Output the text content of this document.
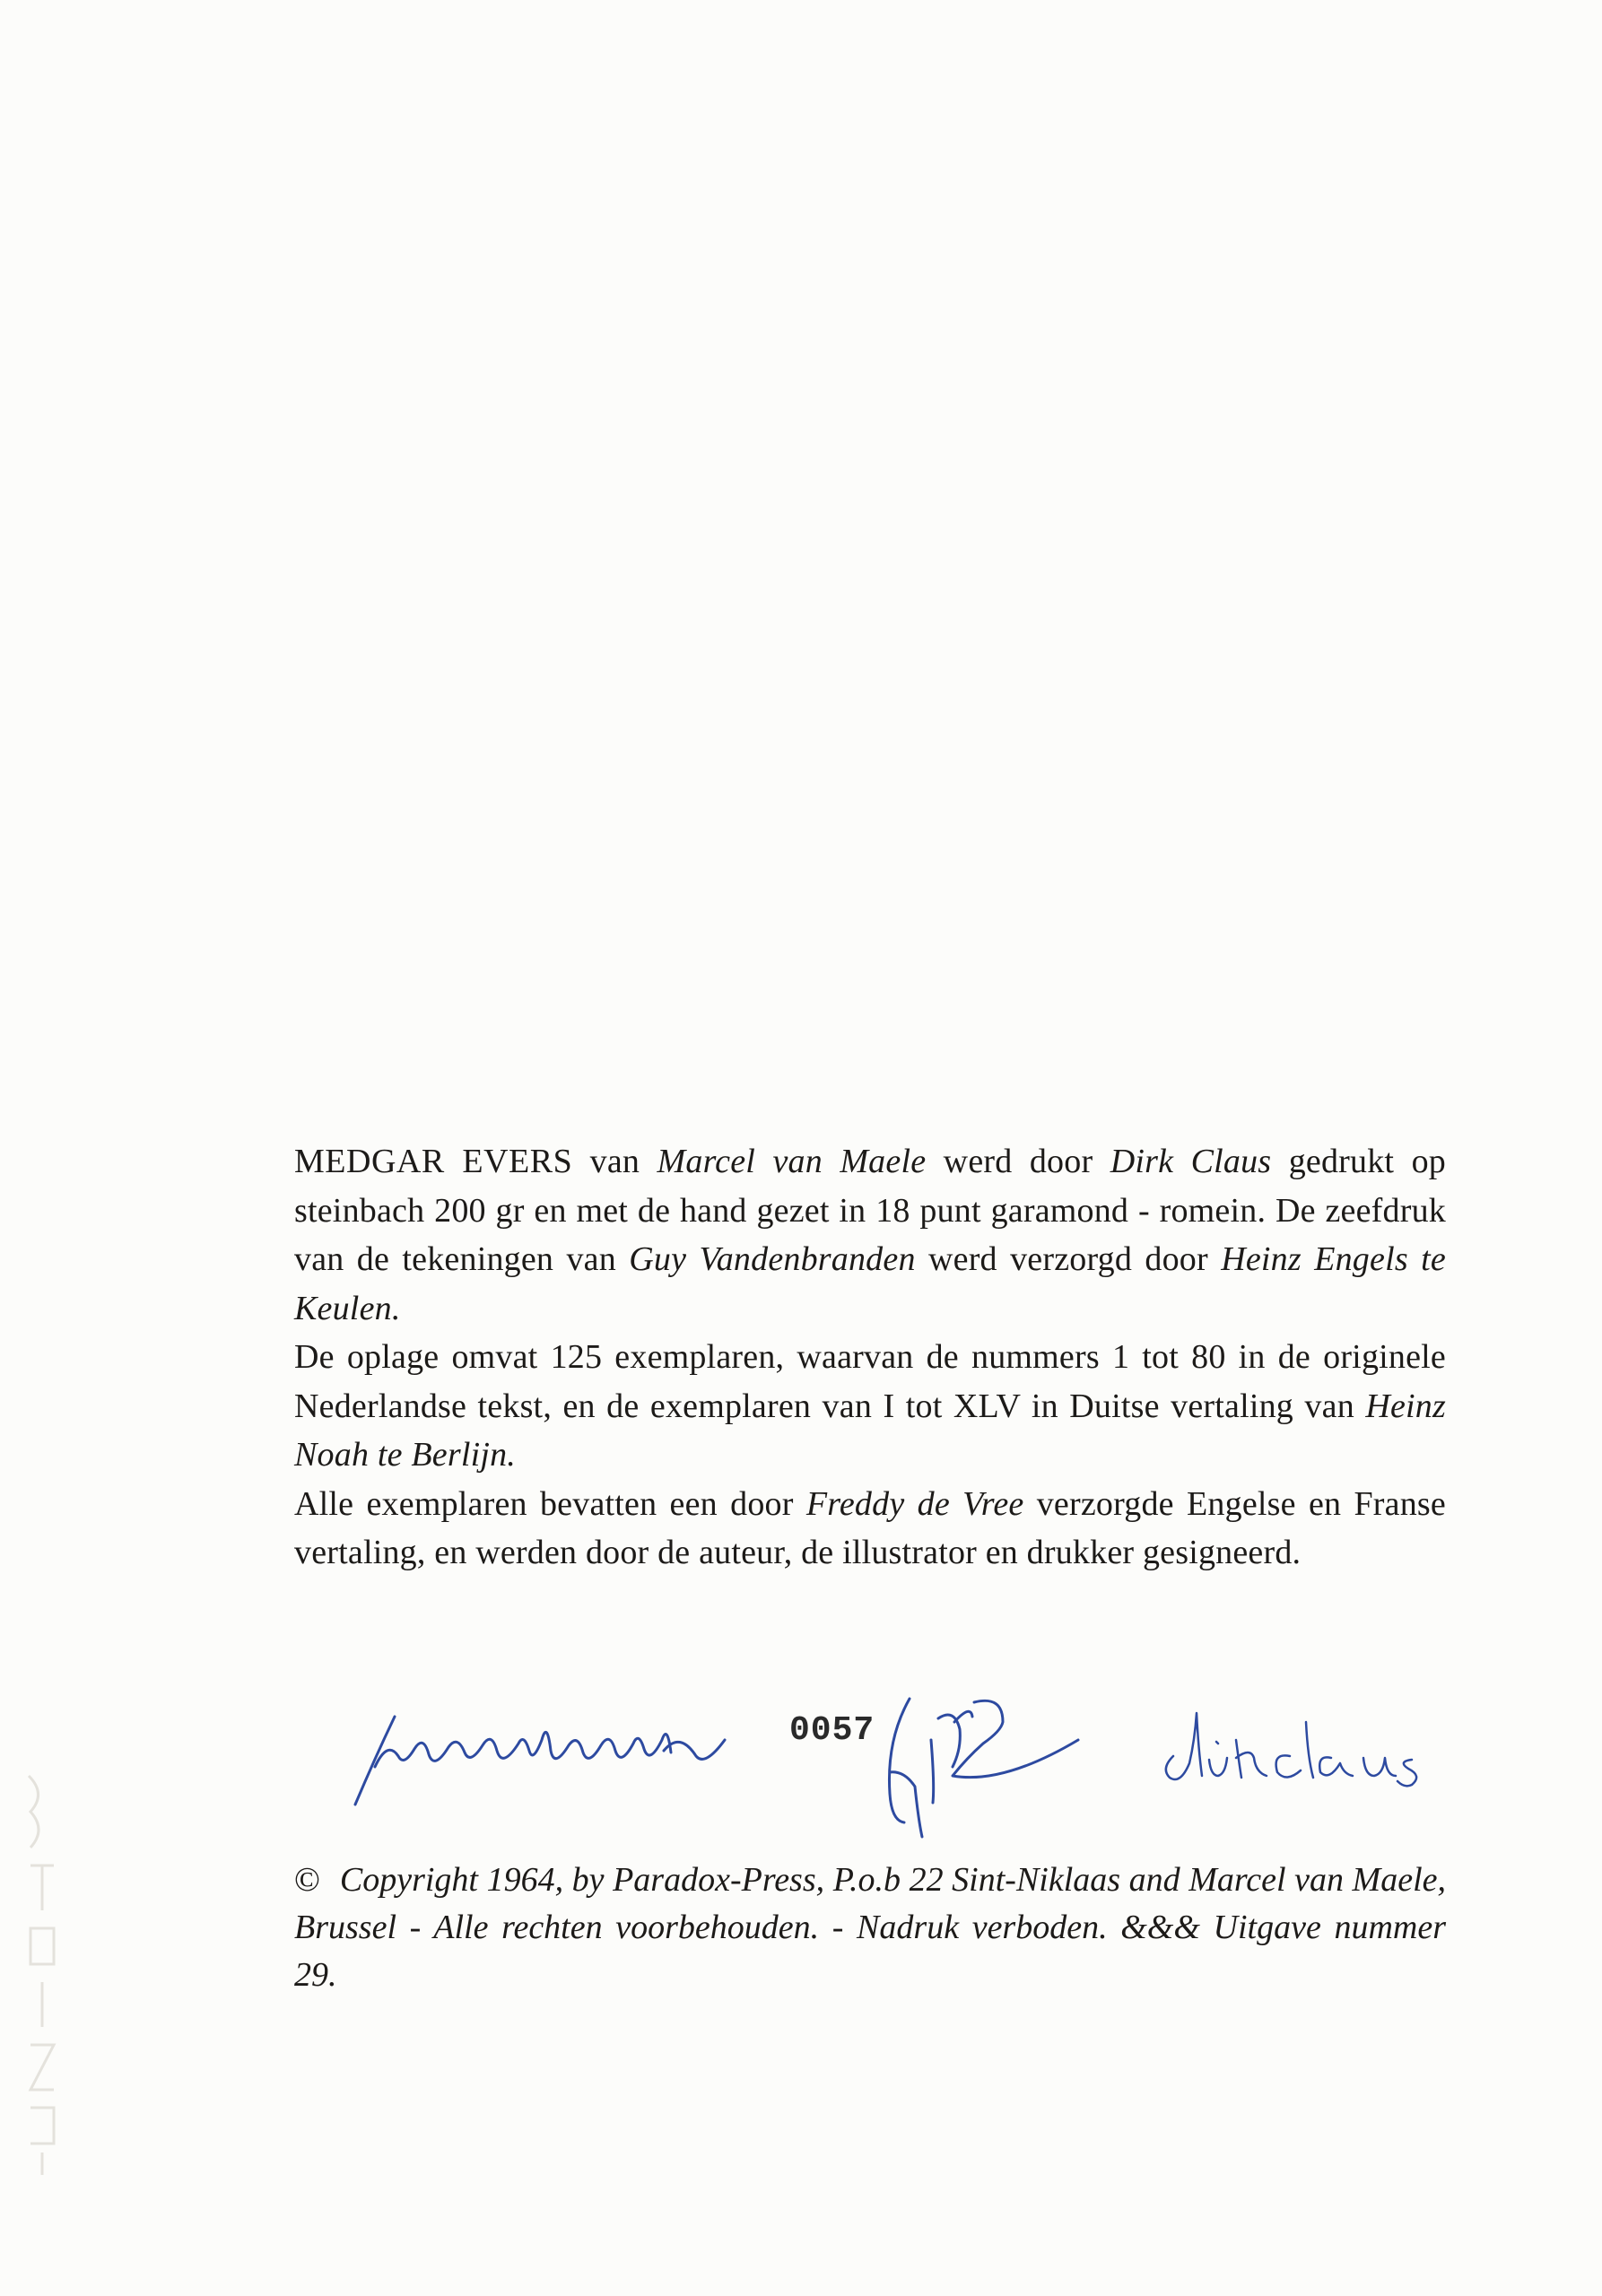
MEDGAR EVERS van Marcel van Maele werd door Dirk Claus gedrukt op steinbach 200 gr en met de hand gezet in 18 punt garamond - romein. De zeefdruk van de tekeningen van Guy Vandenbranden werd verzorgd door Heinz Engels te Keulen.

De oplage omvat 125 exemplaren, waarvan de nummers 1 tot 80 in de originele Nederlandse tekst, en de exemplaren van I tot XLV in Duitse vertaling van Heinz Noah te Berlijn.

Alle exemplaren bevatten een door Freddy de Vree verzorgde Engelse en Franse vertaling, en werden door de auteur, de illustrator en drukker gesigneerd.

0057

© Copyright 1964, by Paradox-Press, P.o.b 22 Sint-Niklaas and Marcel van Maele, Brussel - Alle rechten voorbehouden. - Nadruk verboden. &&& Uitgave nummer 29.
